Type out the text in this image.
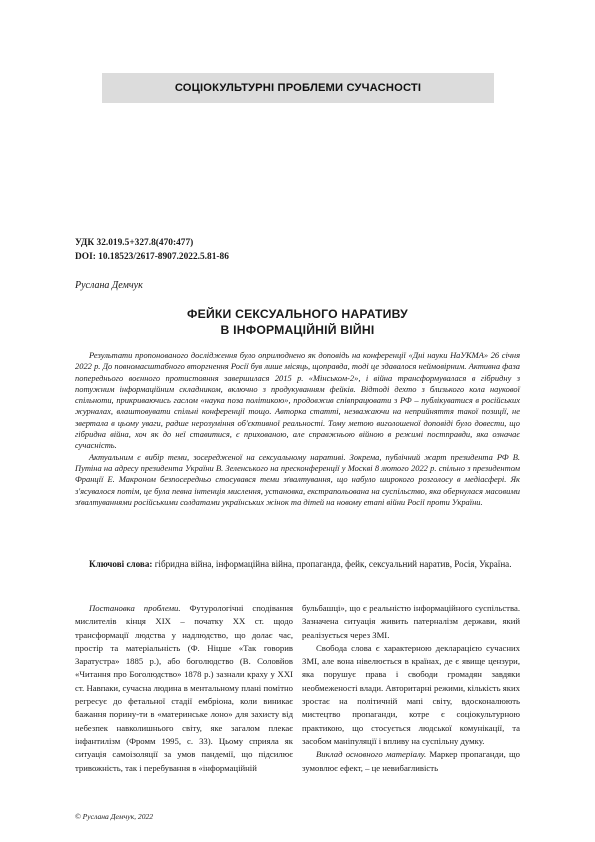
СОЦІОКУЛЬТУРНІ ПРОБЛЕМИ СУЧАСНОСТІ
УДК 32.019.5+327.8(470:477)
DOI: 10.18523/2617-8907.2022.5.81-86
Руслана Демчук
ФЕЙКИ СЕКСУАЛЬНОГО НАРАТИВУ
В ІНФОРМАЦІЙНІЙ ВІЙНІ

Результати пропонованого дослідження було оприлюднено як доповідь на конференції «Дні науки НаУКМА» 26 січня 2022 р. До повномасштабного вторгнення Росії був лише місяць, щоправда, тоді це здавалося неймовірним. Активна фаза попереднього воєнного протистояння завершилася 2015 р. «Мінськом-2», і війна трансформувалася в гібридну з потужним інформаційним складником, включно з продукуванням фейків. Відтоді дехто з близького кола наукової спільноти, прикриваючись гаслом «наука поза політикою», продовжив співпрацювати з РФ – публікуватися в російських журналах, влаштовувати спільні конференції тощо. Авторка статті, незважаючи на неприйняття такої позиції, не звертала в цьому уваги, радше нерозуміння об'єктивної реальності. Тому метою виголошеної доповіді було довести, що гібридна війна, хоч як до неї ставитися, є прихованою, але справжньою війною в режимі постправди, яка означає сучасність.

Актуальним є вибір теми, зосередженої на сексуальному наративі. Зокрема, публічний жарт президента РФ В. Путіна на адресу президента України В. Зеленського на пресконференції у Москві 8 лютого 2022 р. спільно з президентом Франції Е. Макроном безпосередньо стосувався теми зґвалтування, що набуло широкого розголосу в медіасфері. Як з'ясувалося потім, це була певна інтенція мислення, установка, екстрапольована на суспільство, яка обернулася масовими зґвалтуваннями російськими солдатами українських жінок та дітей на новому етапі війни Росії проти України.

Ключові слова: гібридна війна, інформаційна війна, пропаганда, фейк, сексуальний наратив, Росія, Україна.

Постановка проблеми. Футурологічні сподівання мислителів кінця XIX – початку XX ст. щодо трансформації людства у надлюдство, що долає час, простір та матеріальність (Ф. Ніцше «Так говорив Заратустра» 1885 р.), або боголюдство (В. Соловйов «Читання про Боголюдство» 1878 р.) зазнали краху у XXI ст. Навпаки, сучасна людина в ментальному плані помітно регресує до фетальної стадії ембріона, коли виникає бажання порину-ти в «материнське лоно» для захисту від небезпек навколишнього світу, яке загалом плекає інфантилізм (Фромм 1995, с. 33). Цьому сприяла як ситуація самоізоляції за умов пандемії, що підсилює тривожність, так і перебування в «інформаційній

бульбашці», що є реальністю інформаційного суспільства. Зазначена ситуація живить патерналізм держави, який реалізується через ЗМІ.

Свобода слова є характерною декларацією сучасних ЗМІ, але вона нівелюється в країнах, де є явище цензури, яка порушує права і свободи громадян завдяки необмеженості влади. Авторитарні режими, кількість яких зростає на політичній мапі світу, вдосконалюють мистецтво пропаганди, котре є соціокультурною практикою, що стосується людської комунікації, та засобом маніпуляції і впливу на суспільну думку.

Виклад основного матеріалу. Маркер пропаганди, що зумовлює ефект, – це невибагливість

© Руслана Демчук, 2022
